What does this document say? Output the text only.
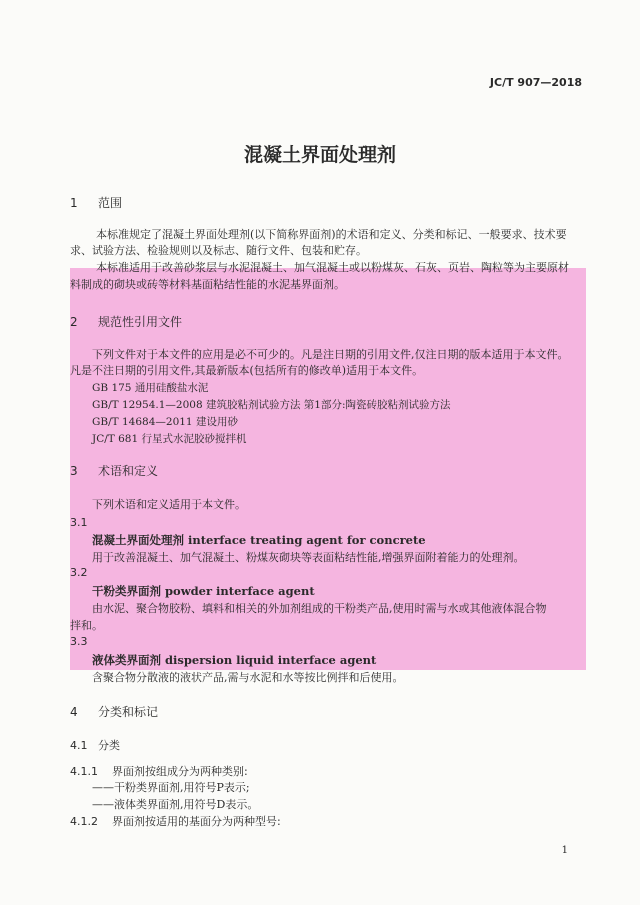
JC/T 907—2018
混凝土界面处理剂
1 范围
本标准规定了混凝土界面处理剂(以下简称界面剂)的术语和定义、分类和标记、一般要求、技术要
求、试验方法、检验规则以及标志、随行文件、包装和贮存。
本标准适用于改善砂浆层与水泥混凝土、加气混凝土或以粉煤灰、石灰、页岩、陶粒等为主要原材
料制成的砌块或砖等材料基面粘结性能的水泥基界面剂。
2 规范性引用文件
下列文件对于本文件的应用是必不可少的。凡是注日期的引用文件,仅注日期的版本适用于本文件。
凡是不注日期的引用文件,其最新版本(包括所有的修改单)适用于本文件。
GB 175 通用硅酸盐水泥
GB/T 12954.1—2008 建筑胶粘剂试验方法 第1部分:陶瓷砖胶粘剂试验方法
GB/T 14684—2011 建设用砂
JC/T 681 行星式水泥胶砂搅拌机
3 术语和定义
下列术语和定义适用于本文件。
3.1
混凝土界面处理剂 interface treating agent for concrete
用于改善混凝土、加气混凝土、粉煤灰砌块等表面粘结性能,增强界面附着能力的处理剂。
3.2
干粉类界面剂 powder interface agent
由水泥、聚合物胶粉、填料和相关的外加剂组成的干粉类产品,使用时需与水或其他液体混合物
拌和。
3.3
液体类界面剂 dispersion liquid interface agent
含聚合物分散液的液状产品,需与水泥和水等按比例拌和后使用。
4 分类和标记
4.1 分类
4.1.1 界面剂按组成分为两种类别:
——干粉类界面剂,用符号P表示;
——液体类界面剂,用符号D表示。
4.1.2 界面剂按适用的基面分为两种型号:
1
